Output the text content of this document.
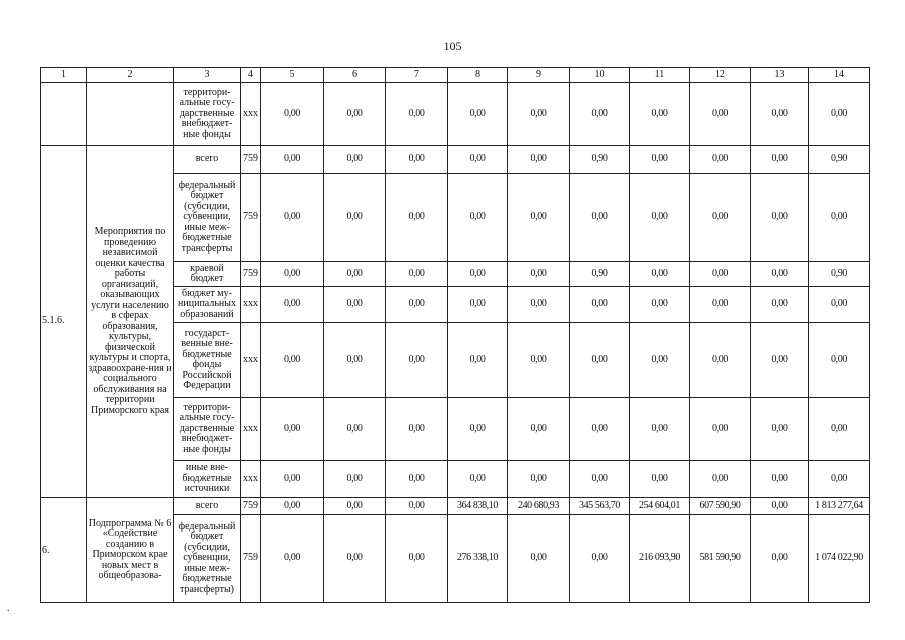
105
.
1	2	3	4	5	6	7	8	9	10	11	12	13	14
		территори-альные госу-дарственные внебюджет-ные фонды	ххх	0,00	0,00	0,00	0,00	0,00	0,00	0,00	0,00	0,00	0,00
5.1.6.	Мероприятия по проведению независимой оценки качества работы организаций, оказывающих услуги населению в сферах образования, культуры, физической культуры и спорта, здравоохране-ния и социального обслуживания на территории Приморского края	всего	759	0,00	0,00	0,00	0,00	0,00	0,90	0,00	0,00	0,00	0,90
		федеральный бюджет (субсидии, субвенции, иные меж-бюджетные трансферты	759	0,00	0,00	0,00	0,00	0,00	0,00	0,00	0,00	0,00	0,00
		краевой бюджет	759	0,00	0,00	0,00	0,00	0,00	0,90	0,00	0,00	0,00	0,90
		бюджет му-ниципальных образований	ххх	0,00	0,00	0,00	0,00	0,00	0,00	0,00	0,00	0,00	0,00
		государст-венные вне-бюджетные фонды Российской Федерации	ххх	0,00	0,00	0,00	0,00	0,00	0,00	0,00	0,00	0,00	0,00
		территори-альные госу-дарственные внебюджет-ные фонды	ххх	0,00	0,00	0,00	0,00	0,00	0,00	0,00	0,00	0,00	0,00
		иные вне-бюджетные источники	ххх	0,00	0,00	0,00	0,00	0,00	0,00	0,00	0,00	0,00	0,00
6.	Подпрограмма № 6 «Содействие созданию в Приморском крае новых мест в общеобразова-	всего	759	0,00	0,00	0,00	364 838,10	240 680,93	345 563,70	254 604,01	607 590,90	0,00	1 813 277,64
		федеральный бюджет (субсидии, субвенции, иные меж-бюджетные трансферты)	759	0,00	0,00	0,00	276 338,10	0,00	0,00	216 093,90	581 590,90	0,00	1 074 022,90
